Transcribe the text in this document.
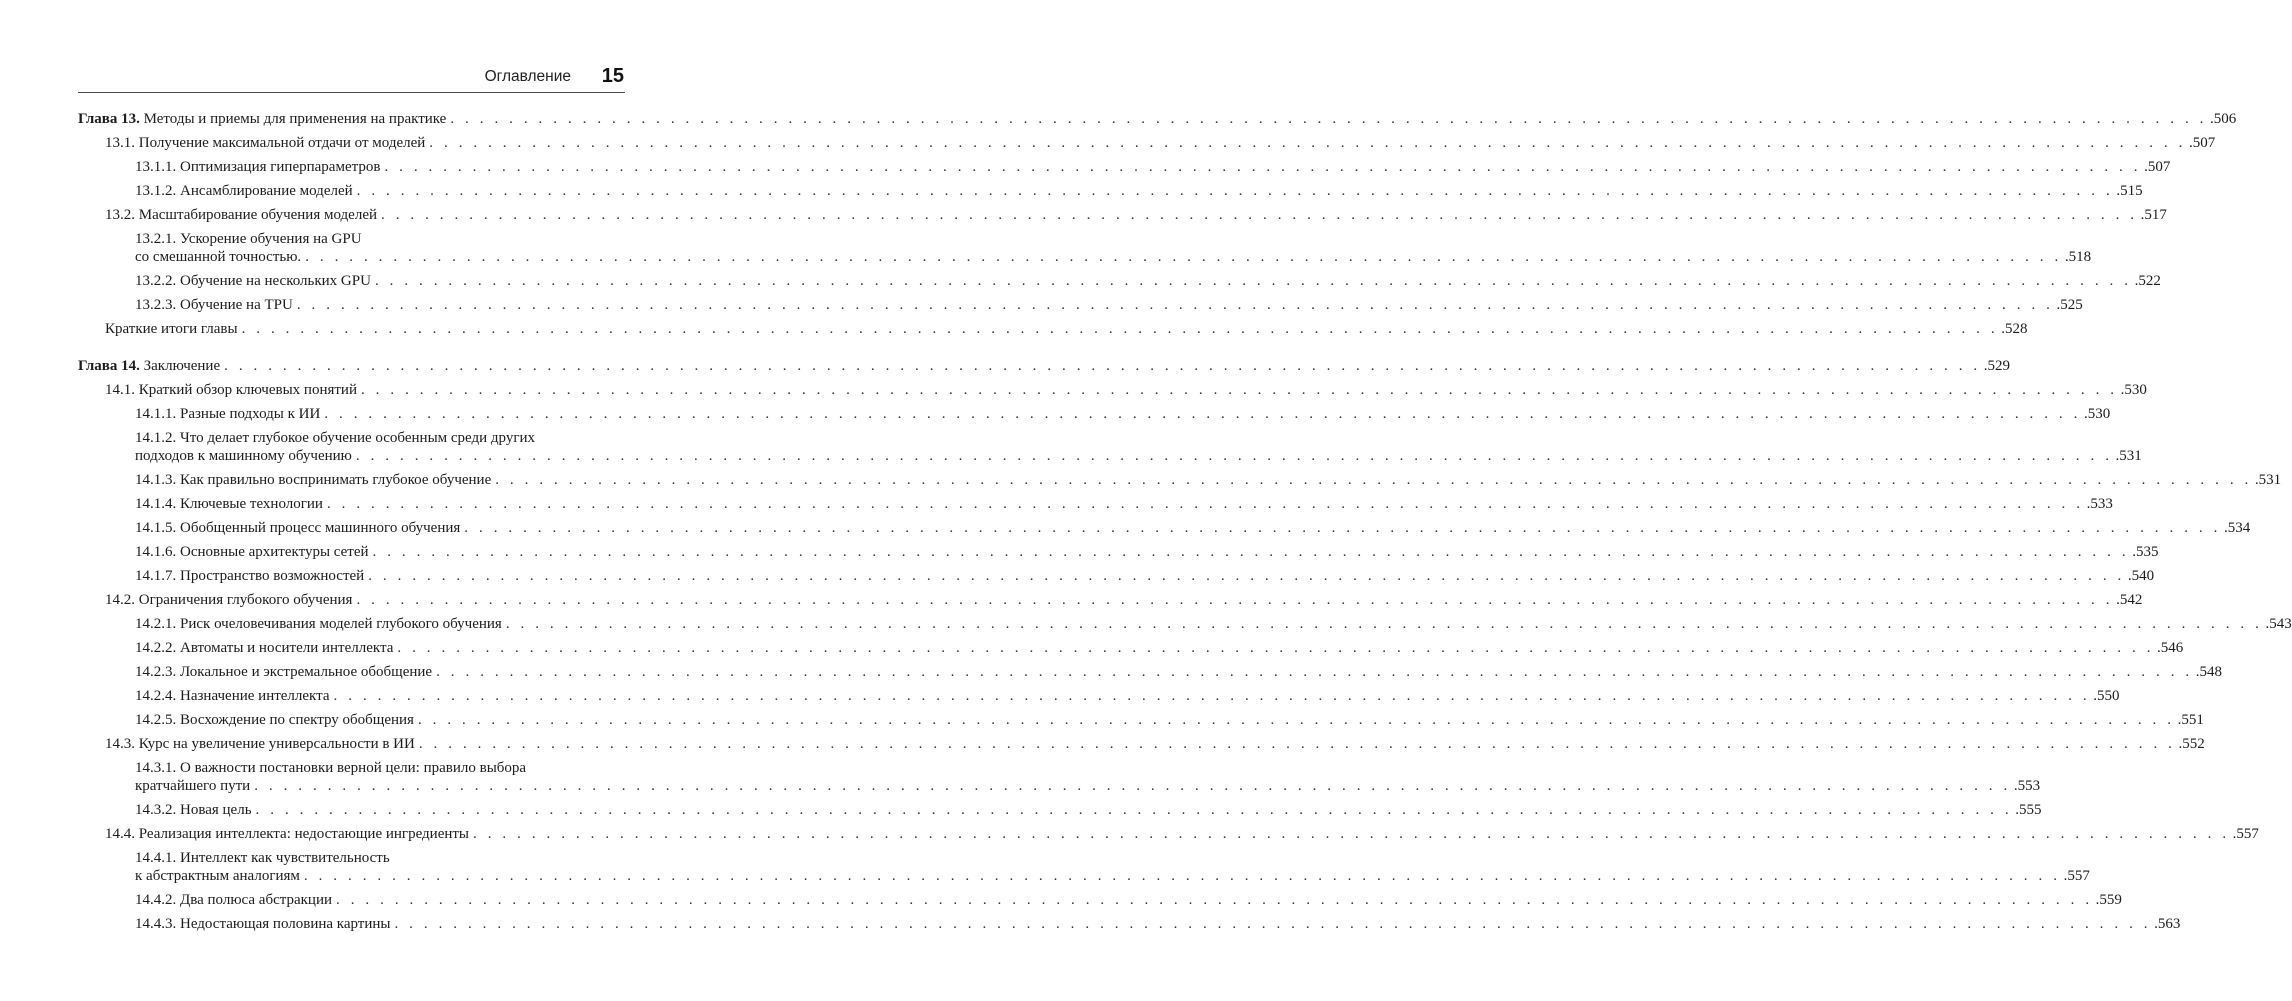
Оглавление 15
Глава 13. Методы и приемы для применения на практике . . . . . . . . . . . . . . . . . . . . . . . . . . . . . . . . . . . . . . . . . . . . . . . . . . . . . . . . . . . . . . . . . . . . . . . . . . . . . . . . . . . . . . . . . . . . . . . . . . . . . . . . . . . . . . . . . . . . . . . . .506
13.1. Получение максимальной отдачи от моделей . . . . . . . . . . . . . . . . . . . . . . . . . . . . . . . . . . . . . . . . . . . . . . . . . . . . . . . . . . . . . . . . . . . . . . . . . . . . . . . . . . . . . . . . . . . . . . . . . . . . . . . . . . . . . . . . . . . . . . . . .507
13.1.1. Оптимизация гиперпараметров . . . . . . . . . . . . . . . . . . . . . . . . . . . . . . . . . . . . . . . . . . . . . . . . . . . . . . . . . . . . . . . . . . . . . . . . . . . . . . . . . . . . . . . . . . . . . . . . . . . . . . . . . . . . . . . . . . . . . . . . .507
13.1.2. Ансамблирование моделей . . . . . . . . . . . . . . . . . . . . . . . . . . . . . . . . . . . . . . . . . . . . . . . . . . . . . . . . . . . . . . . . . . . . . . . . . . . . . . . . . . . . . . . . . . . . . . . . . . . . . . . . . . . . . . . . . . . . . . . . .515
13.2. Масштабирование обучения моделей . . . . . . . . . . . . . . . . . . . . . . . . . . . . . . . . . . . . . . . . . . . . . . . . . . . . . . . . . . . . . . . . . . . . . . . . . . . . . . . . . . . . . . . . . . . . . . . . . . . . . . . . . . . . . . . . . . . . . . . . .517
13.2.1. Ускорение обучения на GPU
со смешанной точностью. . . . . . . . . . . . . . . . . . . . . . . . . . . . . . . . . . . . . . . . . . . . . . . . . . . . . . . . . . . . . . . . . . . . . . . . . . . . . . . . . . . . . . . . . . . . . . . . . . . . . . . . . . . . . . . . . . . . . . . . . .518
13.2.2. Обучение на нескольких GPU . . . . . . . . . . . . . . . . . . . . . . . . . . . . . . . . . . . . . . . . . . . . . . . . . . . . . . . . . . . . . . . . . . . . . . . . . . . . . . . . . . . . . . . . . . . . . . . . . . . . . . . . . . . . . . . . . . . . . . . . .522
13.2.3. Обучение на TPU . . . . . . . . . . . . . . . . . . . . . . . . . . . . . . . . . . . . . . . . . . . . . . . . . . . . . . . . . . . . . . . . . . . . . . . . . . . . . . . . . . . . . . . . . . . . . . . . . . . . . . . . . . . . . . . . . . . . . . . . .525
Краткие итоги главы . . . . . . . . . . . . . . . . . . . . . . . . . . . . . . . . . . . . . . . . . . . . . . . . . . . . . . . . . . . . . . . . . . . . . . . . . . . . . . . . . . . . . . . . . . . . . . . . . . . . . . . . . . . . . . . . . . . . . . . . .528
Глава 14. Заключение . . . . . . . . . . . . . . . . . . . . . . . . . . . . . . . . . . . . . . . . . . . . . . . . . . . . . . . . . . . . . . . . . . . . . . . . . . . . . . . . . . . . . . . . . . . . . . . . . . . . . . . . . . . . . . . . . . . . . . . . .529
14.1. Краткий обзор ключевых понятий . . . . . . . . . . . . . . . . . . . . . . . . . . . . . . . . . . . . . . . . . . . . . . . . . . . . . . . . . . . . . . . . . . . . . . . . . . . . . . . . . . . . . . . . . . . . . . . . . . . . . . . . . . . . . . . . . . . . . . . . .530
14.1.1. Разные подходы к ИИ . . . . . . . . . . . . . . . . . . . . . . . . . . . . . . . . . . . . . . . . . . . . . . . . . . . . . . . . . . . . . . . . . . . . . . . . . . . . . . . . . . . . . . . . . . . . . . . . . . . . . . . . . . . . . . . . . . . . . . . . .530
14.1.2. Что делает глубокое обучение особенным среди других
подходов к машинному обучению . . . . . . . . . . . . . . . . . . . . . . . . . . . . . . . . . . . . . . . . . . . . . . . . . . . . . . . . . . . . . . . . . . . . . . . . . . . . . . . . . . . . . . . . . . . . . . . . . . . . . . . . . . . . . . . . . . . . . . . . .531
14.1.3. Как правильно воспринимать глубокое обучение . . . . . . . . . . . . . . . . . . . . . . . . . . . . . . . . . . . . . . . . . . . . . . . . . . . . . . . . . . . . . . . . . . . . . . . . . . . . . . . . . . . . . . . . . . . . . . . . . . . . . . . . . . . . . . . . . . . . . . . . .531
14.1.4. Ключевые технологии . . . . . . . . . . . . . . . . . . . . . . . . . . . . . . . . . . . . . . . . . . . . . . . . . . . . . . . . . . . . . . . . . . . . . . . . . . . . . . . . . . . . . . . . . . . . . . . . . . . . . . . . . . . . . . . . . . . . . . . . .533
14.1.5. Обобщенный процесс машинного обучения . . . . . . . . . . . . . . . . . . . . . . . . . . . . . . . . . . . . . . . . . . . . . . . . . . . . . . . . . . . . . . . . . . . . . . . . . . . . . . . . . . . . . . . . . . . . . . . . . . . . . . . . . . . . . . . . . . . . . . . . .534
14.1.6. Основные архитектуры сетей . . . . . . . . . . . . . . . . . . . . . . . . . . . . . . . . . . . . . . . . . . . . . . . . . . . . . . . . . . . . . . . . . . . . . . . . . . . . . . . . . . . . . . . . . . . . . . . . . . . . . . . . . . . . . . . . . . . . . . . . .535
14.1.7. Пространство возможностей . . . . . . . . . . . . . . . . . . . . . . . . . . . . . . . . . . . . . . . . . . . . . . . . . . . . . . . . . . . . . . . . . . . . . . . . . . . . . . . . . . . . . . . . . . . . . . . . . . . . . . . . . . . . . . . . . . . . . . . . .540
14.2. Ограничения глубокого обучения . . . . . . . . . . . . . . . . . . . . . . . . . . . . . . . . . . . . . . . . . . . . . . . . . . . . . . . . . . . . . . . . . . . . . . . . . . . . . . . . . . . . . . . . . . . . . . . . . . . . . . . . . . . . . . . . . . . . . . . . .542
14.2.1. Риск очеловечивания моделей глубокого обучения . . . . . . . . . . . . . . . . . . . . . . . . . . . . . . . . . . . . . . . . . . . . . . . . . . . . . . . . . . . . . . . . . . . . . . . . . . . . . . . . . . . . . . . . . . . . . . . . . . . . . . . . . . . . . . . . . . . . . . . . .543
14.2.2. Автоматы и носители интеллекта . . . . . . . . . . . . . . . . . . . . . . . . . . . . . . . . . . . . . . . . . . . . . . . . . . . . . . . . . . . . . . . . . . . . . . . . . . . . . . . . . . . . . . . . . . . . . . . . . . . . . . . . . . . . . . . . . . . . . . . . .546
14.2.3. Локальное и экстремальное обобщение . . . . . . . . . . . . . . . . . . . . . . . . . . . . . . . . . . . . . . . . . . . . . . . . . . . . . . . . . . . . . . . . . . . . . . . . . . . . . . . . . . . . . . . . . . . . . . . . . . . . . . . . . . . . . . . . . . . . . . . . .548
14.2.4. Назначение интеллекта . . . . . . . . . . . . . . . . . . . . . . . . . . . . . . . . . . . . . . . . . . . . . . . . . . . . . . . . . . . . . . . . . . . . . . . . . . . . . . . . . . . . . . . . . . . . . . . . . . . . . . . . . . . . . . . . . . . . . . . . .550
14.2.5. Восхождение по спектру обобщения . . . . . . . . . . . . . . . . . . . . . . . . . . . . . . . . . . . . . . . . . . . . . . . . . . . . . . . . . . . . . . . . . . . . . . . . . . . . . . . . . . . . . . . . . . . . . . . . . . . . . . . . . . . . . . . . . . . . . . . . .551
14.3. Курс на увеличение универсальности в ИИ . . . . . . . . . . . . . . . . . . . . . . . . . . . . . . . . . . . . . . . . . . . . . . . . . . . . . . . . . . . . . . . . . . . . . . . . . . . . . . . . . . . . . . . . . . . . . . . . . . . . . . . . . . . . . . . . . . . . . . . . .552
14.3.1. О важности постановки верной цели: правило выбора
кратчайшего пути . . . . . . . . . . . . . . . . . . . . . . . . . . . . . . . . . . . . . . . . . . . . . . . . . . . . . . . . . . . . . . . . . . . . . . . . . . . . . . . . . . . . . . . . . . . . . . . . . . . . . . . . . . . . . . . . . . . . . . . . .553
14.3.2. Новая цель . . . . . . . . . . . . . . . . . . . . . . . . . . . . . . . . . . . . . . . . . . . . . . . . . . . . . . . . . . . . . . . . . . . . . . . . . . . . . . . . . . . . . . . . . . . . . . . . . . . . . . . . . . . . . . . . . . . . . . . . .555
14.4. Реализация интеллекта: недостающие ингредиенты . . . . . . . . . . . . . . . . . . . . . . . . . . . . . . . . . . . . . . . . . . . . . . . . . . . . . . . . . . . . . . . . . . . . . . . . . . . . . . . . . . . . . . . . . . . . . . . . . . . . . . . . . . . . . . . . . . . . . . . . .557
14.4.1. Интеллект как чувствительность
к абстрактным аналогиям . . . . . . . . . . . . . . . . . . . . . . . . . . . . . . . . . . . . . . . . . . . . . . . . . . . . . . . . . . . . . . . . . . . . . . . . . . . . . . . . . . . . . . . . . . . . . . . . . . . . . . . . . . . . . . . . . . . . . . . . .557
14.4.2. Два полюса абстракции . . . . . . . . . . . . . . . . . . . . . . . . . . . . . . . . . . . . . . . . . . . . . . . . . . . . . . . . . . . . . . . . . . . . . . . . . . . . . . . . . . . . . . . . . . . . . . . . . . . . . . . . . . . . . . . . . . . . . . . . .559
14.4.3. Недостающая половина картины . . . . . . . . . . . . . . . . . . . . . . . . . . . . . . . . . . . . . . . . . . . . . . . . . . . . . . . . . . . . . . . . . . . . . . . . . . . . . . . . . . . . . . . . . . . . . . . . . . . . . . . . . . . . . . . . . . . . . . . . .563
